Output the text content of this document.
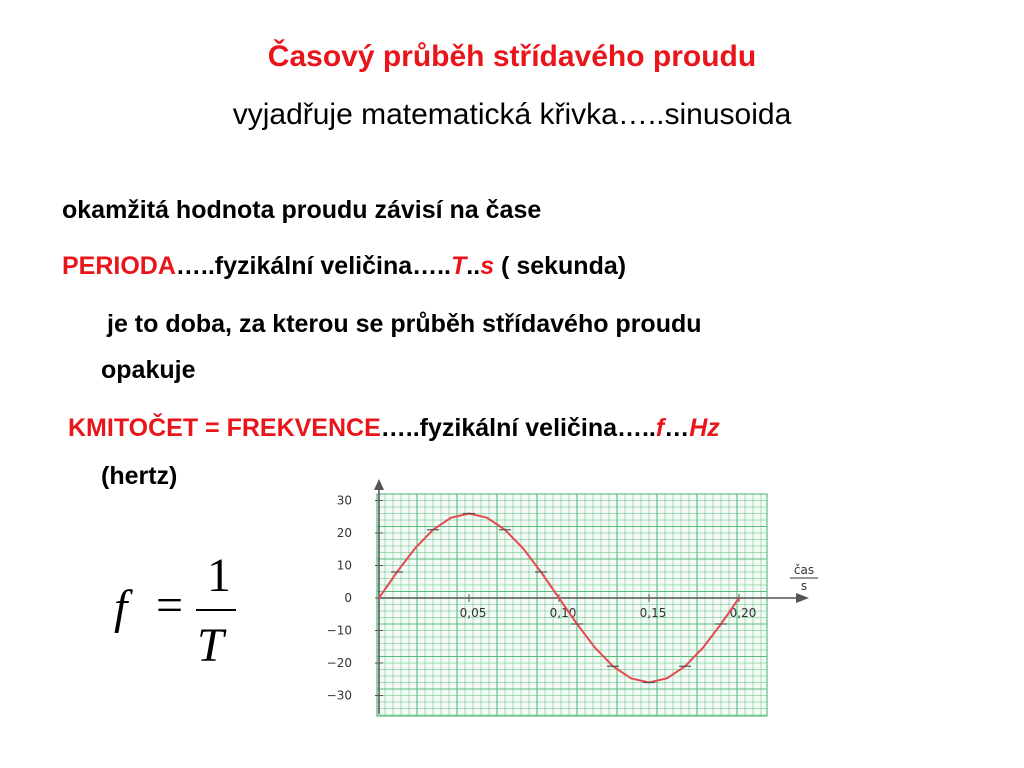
Časový průběh střídavého proudu
vyjadřuje matematická křivka…..sinusoida
okamžitá hodnota proudu závisí na čase
PERIODA…..fyzikální veličina…..T..s ( sekunda)
je to doba, za kterou se průběh střídavého proudu
opakuje
KMITOČET = FREKVENCE…..fyzikální veličina…..f…Hz
(hertz)
f =
1
T
30
20
10
0
−10
−20
−30
0,05	0,10	0,15	0,20
čas
s
